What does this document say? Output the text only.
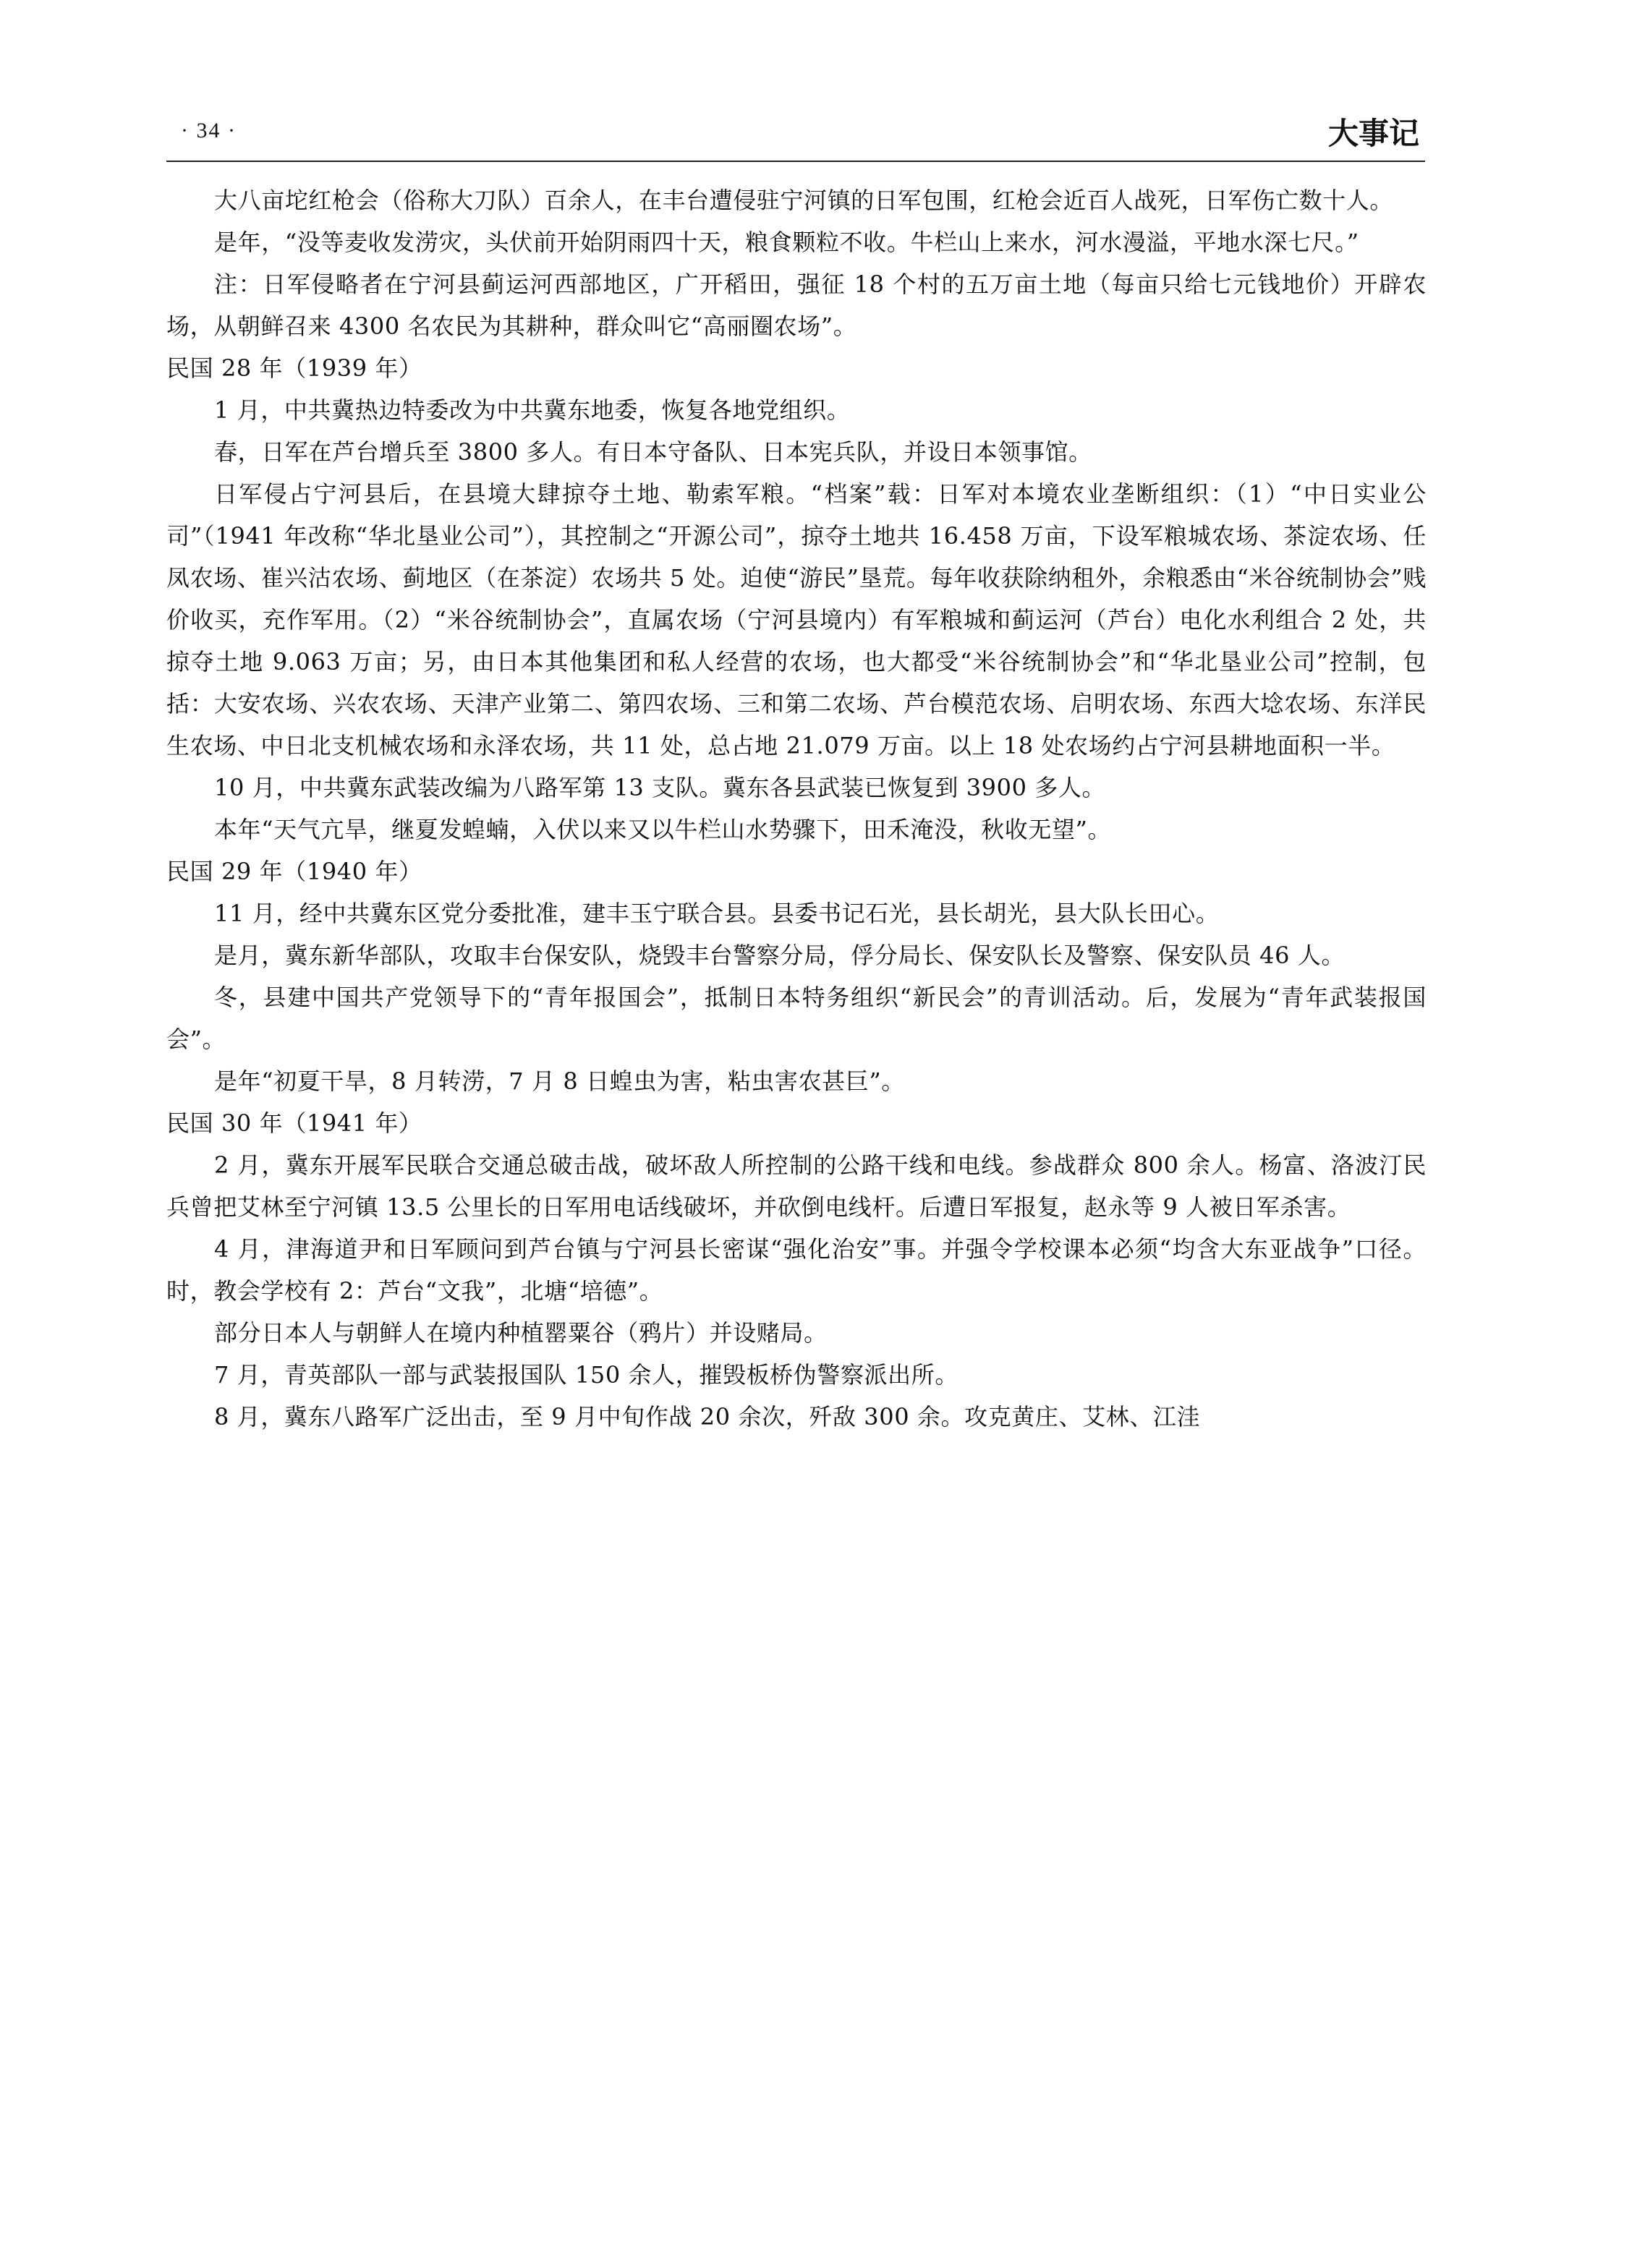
· 34 ·	大事记

大八亩坨红枪会（俗称大刀队）百余人，在丰台遭侵驻宁河镇的日军包围，红枪会近百人战死，日军伤亡数十人。

是年，“没等麦收发涝灾，头伏前开始阴雨四十天，粮食颗粒不收。牛栏山上来水，河水漫溢，平地水深七尺。”

注：日军侵略者在宁河县蓟运河西部地区，广开稻田，强征 18 个村的五万亩土地（每亩只给七元钱地价）开辟农场，从朝鲜召来 4300 名农民为其耕种，群众叫它“高丽圈农场”。

民国 28 年（1939 年）

1 月，中共冀热边特委改为中共冀东地委，恢复各地党组织。

春，日军在芦台增兵至 3800 多人。有日本守备队、日本宪兵队，并设日本领事馆。

日军侵占宁河县后，在县境大肆掠夺土地、勒索军粮。“档案”载：日军对本境农业垄断组织：（1）“中日实业公司”（1941 年改称“华北垦业公司”），其控制之“开源公司”，掠夺土地共 16.458 万亩，下设军粮城农场、茶淀农场、任凤农场、崔兴沽农场、蓟地区（在茶淀）农场共 5 处。迫使“游民”垦荒。每年收获除纳租外，余粮悉由“米谷统制协会”贱价收买，充作军用。（2）“米谷统制协会”，直属农场（宁河县境内）有军粮城和蓟运河（芦台）电化水利组合 2 处，共掠夺土地 9.063 万亩；另，由日本其他集团和私人经营的农场，也大都受“米谷统制协会”和“华北垦业公司”控制，包括：大安农场、兴农农场、天津产业第二、第四农场、三和第二农场、芦台模范农场、启明农场、东西大埝农场、东洋民生农场、中日北支机械农场和永泽农场，共 11 处，总占地 21.079 万亩。以上 18 处农场约占宁河县耕地面积一半。

10 月，中共冀东武装改编为八路军第 13 支队。冀东各县武装已恢复到 3900 多人。

本年“天气亢旱，继夏发蝗蝻，入伏以来又以牛栏山水势骤下，田禾淹没，秋收无望”。

民国 29 年（1940 年）

11 月，经中共冀东区党分委批准，建丰玉宁联合县。县委书记石光，县长胡光，县大队长田心。

是月，冀东新华部队，攻取丰台保安队，烧毁丰台警察分局，俘分局长、保安队长及警察、保安队员 46 人。

冬，县建中国共产党领导下的“青年报国会”，抵制日本特务组织“新民会”的青训活动。后，发展为“青年武装报国会”。

是年“初夏干旱，8 月转涝，7 月 8 日蝗虫为害，粘虫害农甚巨”。

民国 30 年（1941 年）

2 月，冀东开展军民联合交通总破击战，破坏敌人所控制的公路干线和电线。参战群众 800 余人。杨富、洛波汀民兵曾把艾林至宁河镇 13.5 公里长的日军用电话线破坏，并砍倒电线杆。后遭日军报复，赵永等 9 人被日军杀害。

4 月，津海道尹和日军顾问到芦台镇与宁河县长密谋“强化治安”事。并强令学校课本必须“均含大东亚战争”口径。时，教会学校有 2：芦台“文我”，北塘“培德”。

部分日本人与朝鲜人在境内种植罂粟谷（鸦片）并设赌局。

7 月，青英部队一部与武装报国队 150 余人，摧毁板桥伪警察派出所。

8 月，冀东八路军广泛出击，至 9 月中旬作战 20 余次，歼敌 300 余。攻克黄庄、艾林、江洼
